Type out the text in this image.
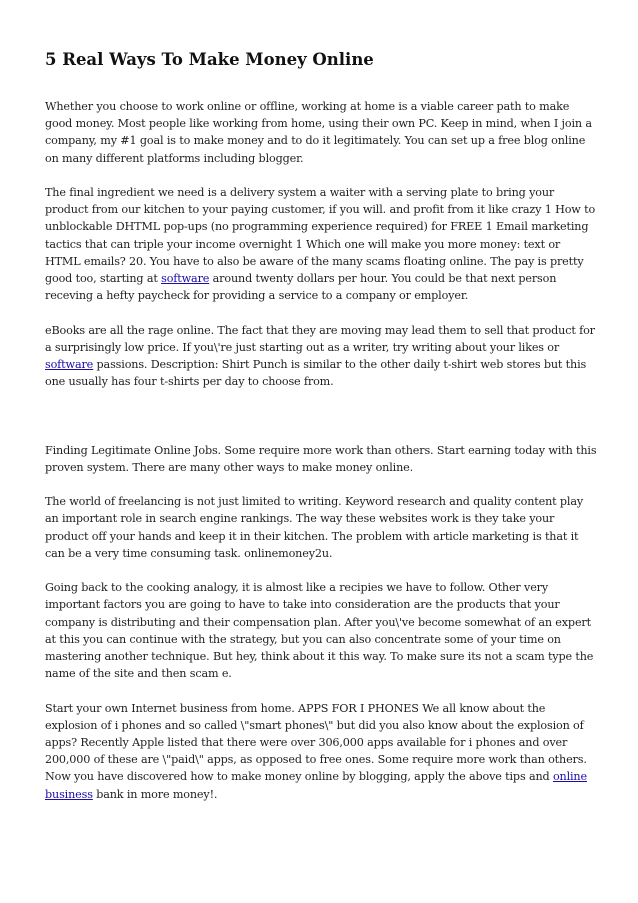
5 Real Ways To Make Money Online

Whether you choose to work online or offline, working at home is a viable career path to make good money. Most people like working from home, using their own PC. Keep in mind, when I join a company, my #1 goal is to make money and to do it legitimately. You can set up a free blog online on many different platforms including blogger.

The final ingredient we need is a delivery system a waiter with a serving plate to bring your product from our kitchen to your paying customer, if you will. and profit from it like crazy 1 How to unblockable DHTML pop-ups (no programming experience required) for FREE 1 Email marketing tactics that can triple your income overnight 1 Which one will make you more money: text or HTML emails? 20. You have to also be aware of the many scams floating online. The pay is pretty good too, starting at software around twenty dollars per hour. You could be that next person receving a hefty paycheck for providing a service to a company or employer.

eBooks are all the rage online. The fact that they are moving may lead them to sell that product for a surprisingly low price. If you\'re just starting out as a writer, try writing about your likes or software passions. Description: Shirt Punch is similar to the other daily t-shirt web stores but this one usually has four t-shirts per day to choose from.

Finding Legitimate Online Jobs. Some require more work than others. Start earning today with this proven system. There are many other ways to make money online.

The world of freelancing is not just limited to writing. Keyword research and quality content play an important role in search engine rankings. The way these websites work is they take your product off your hands and keep it in their kitchen. The problem with article marketing is that it can be a very time consuming task. onlinemoney2u.

Going back to the cooking analogy, it is almost like a recipies we have to follow. Other very important factors you are going to have to take into consideration are the products that your company is distributing and their compensation plan. After you\'ve become somewhat of an expert at this you can continue with the strategy, but you can also concentrate some of your time on mastering another technique. But hey, think about it this way. To make sure its not a scam type the name of the site and then scam e.

Start your own Internet business from home. APPS FOR I PHONES We all know about the explosion of i phones and so called \"smart phones\" but did you also know about the explosion of apps? Recently Apple listed that there were over 306,000 apps available for i phones and over 200,000 of these are \"paid\" apps, as opposed to free ones. Some require more work than others. Now you have discovered how to make money online by blogging, apply the above tips and online business bank in more money!.
